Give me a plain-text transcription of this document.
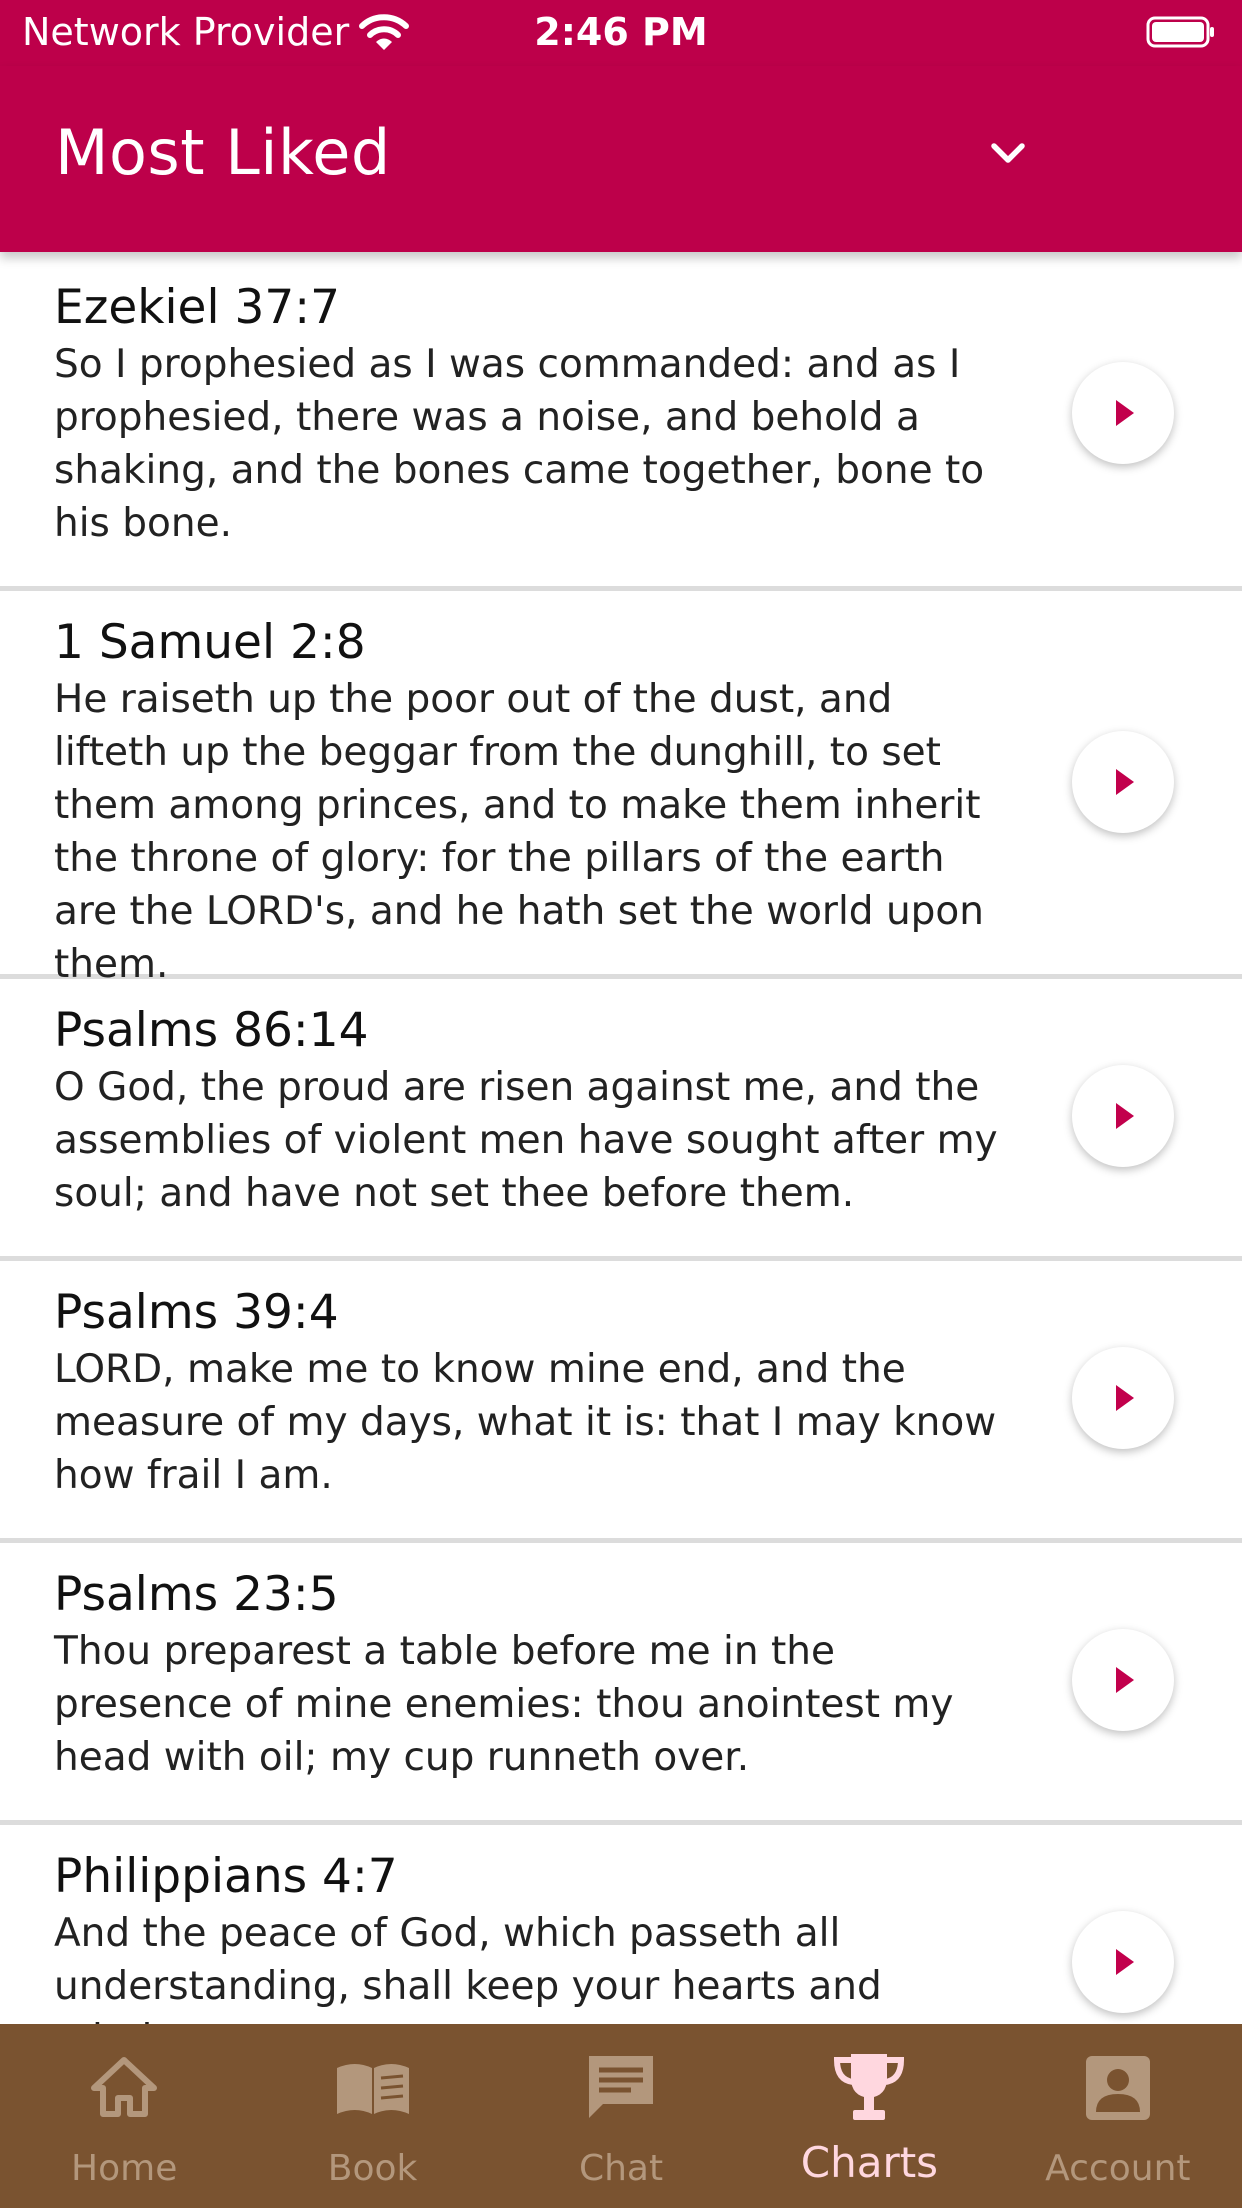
Network Provider	2:46 PM
Most Liked
Ezekiel 37:7

So I prophesied as I was commanded: and as I prophesied, there was a noise, and behold a shaking, and the bones came together, bone to his bone.

1 Samuel 2:8

He raiseth up the poor out of the dust, and lifteth up the beggar from the dunghill, to set them among princes, and to make them inherit the throne of glory: for the pillars of the earth are the LORD's, and he hath set the world upon them.

Psalms 86:14

O God, the proud are risen against me, and the assemblies of violent men have sought after my soul; and have not set thee before them.

Psalms 39:4

LORD, make me to know mine end, and the measure of my days, what it is: that I may know how frail I am.

Psalms 23:5

Thou preparest a table before me in the presence of mine enemies: thou anointest my head with oil; my cup runneth over.

Philippians 4:7

And the peace of God, which passeth all understanding, shall keep your hearts and

Home	Book	Chat	Charts	Account
